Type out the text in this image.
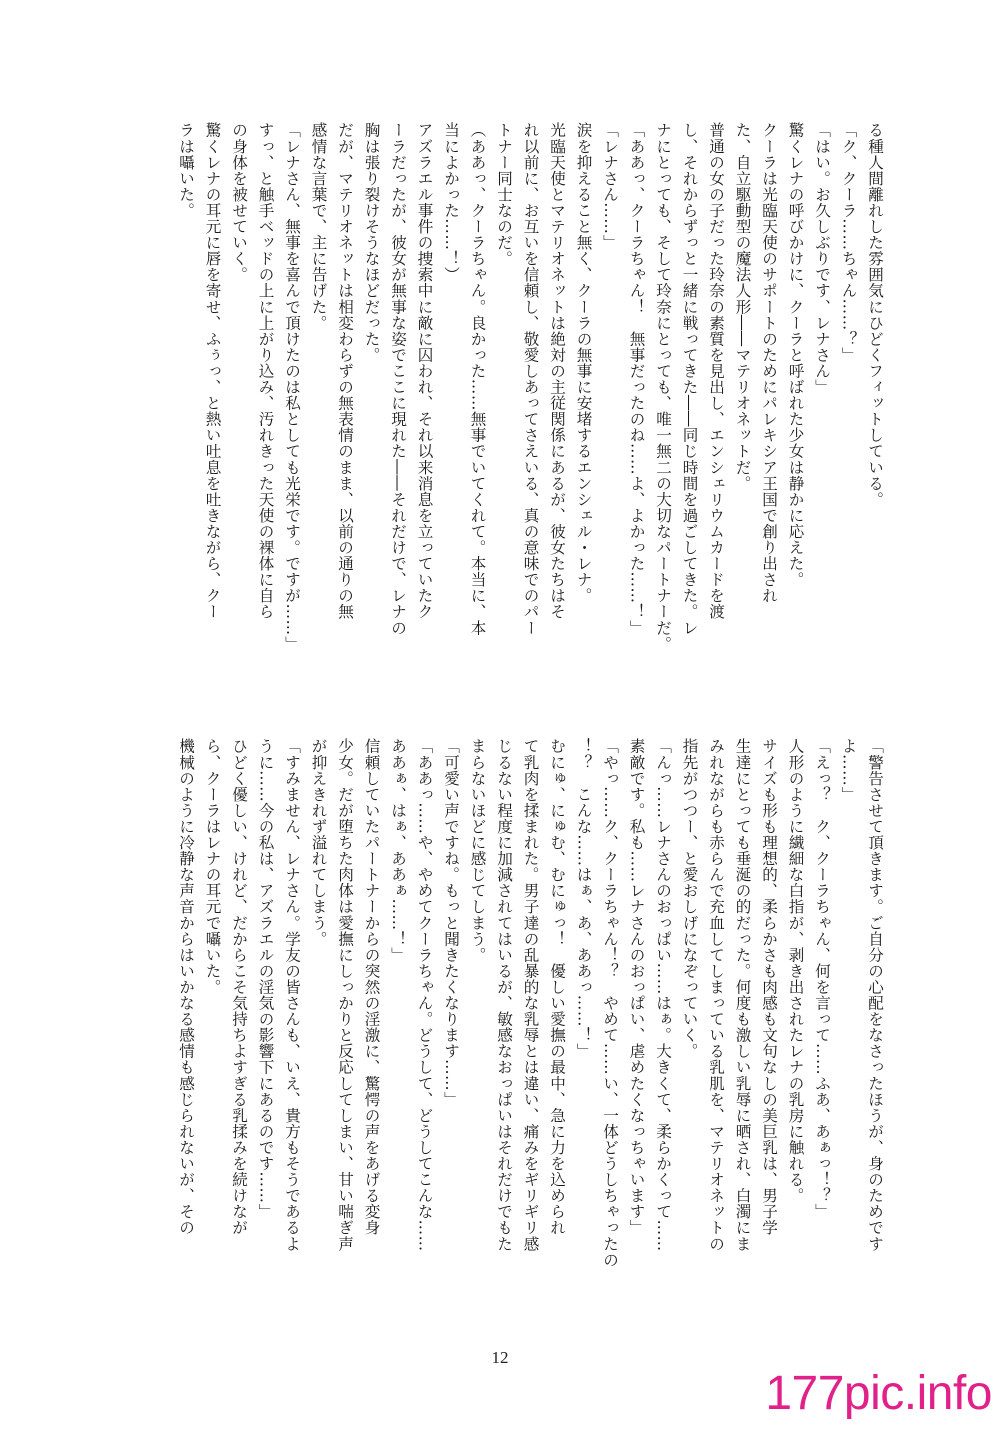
る種人間離れした雰囲気にひどくフィットしている。
「ク、クーラ……ちゃん……？」
「はい。お久しぶりです、レナさん」
驚くレナの呼びかけに、クーラと呼ばれた少女は静かに応えた。
クーラは光臨天使のサポートのためにパレキシア王国で創り出され
た、自立駆動型の魔法人形――マテリオネットだ。
普通の女の子だった玲奈の素質を見出し、エンシェリウムカードを渡
し、それからずっと一緒に戦ってきた――同じ時間を過ごしてきた。レ
ナにとっても、そして玲奈にとっても、唯一無二の大切なパートナーだ。
「ああっ、クーラちゃん！　無事だったのね……よ、よかった……！」
「レナさん……」
涙を抑えること無く、クーラの無事に安堵するエンシェル・レナ。
光臨天使とマテリオネットは絶対の主従関係にあるが、彼女たちはそ
れ以前に、お互いを信頼し、敬愛しあってさえいる、真の意味でのパー
トナー同士なのだ。
（ああっ、クーラちゃん。良かった……無事でいてくれて。本当に、本
当によかった……！）
アズラエル事件の捜索中に敵に囚われ、それ以来消息を立っていたク
ーラだったが、彼女が無事な姿でここに現れた――それだけで、レナの
胸は張り裂けそうなほどだった。
だが、マテリオネットは相変わらずの無表情のまま、以前の通りの無
感情な言葉で、主に告げた。
「レナさん、無事を喜んで頂けたのは私としても光栄です。ですが……」
すっ、と触手ベッドの上に上がり込み、汚れきった天使の裸体に自ら
の身体を被せていく。
驚くレナの耳元に唇を寄せ、ふぅっ、と熱い吐息を吐きながら、クー
ラは囁いた。
「警告させて頂きます。ご自分の心配をなさったほうが、身のためです
よ……」
「えっ？　ク、クーラちゃん、何を言って……ふあ、あぁっ！？」
人形のように繊細な白指が、剥き出されたレナの乳房に触れる。
サイズも形も理想的、柔らかさも肉感も文句なしの美巨乳は、男子学
生達にとっても垂涎の的だった。何度も激しい乳辱に晒され、白濁にま
みれながらも赤らんで充血してしまっている乳肌を、マテリオネットの
指先がつつー、と愛おしげになぞっていく。
「んっ……レナさんのおっぱい……はぁ。大きくて、柔らかくって……
素敵です。私も……レナさんのおっぱい、虐めたくなっちゃいます」
「やっ……ク、クーラちゃん！？　やめて……い、一体どうしちゃったの
！？　こんな……はぁ、あ、ああっ……！」
むにゅ、にゅむ、むにゅっ！　優しい愛撫の最中、急に力を込められ
て乳肉を揉まれた。男子達の乱暴的な乳辱とは違い、痛みをギリギリ感
じるない程度に加減されてはいるが、敏感なおっぱいはそれだけでもた
まらないほどに感じてしまう。
「可愛い声ですね。もっと聞きたくなります……」
「ああっ……や、やめてクーラちゃん。どうして、どうしてこんな……
ああぁ、はぁ、ああぁ……！」
信頼していたパートナーからの突然の淫激に、驚愕の声をあげる変身
少女。だが堕ちた肉体は愛撫にしっかりと反応してしまい、甘い喘ぎ声
が抑えきれず溢れてしまう。
「すみません、レナさん。学友の皆さんも、いえ、貴方もそうであるよ
うに……今の私は、アズラエルの淫気の影響下にあるのです……」
ひどく優しい、けれど、だからこそ気持ちよすぎる乳揉みを続けなが
ら、クーラはレナの耳元で囁いた。
機械のように冷静な声音からはいかなる感情も感じられないが、その
12
177pic.info
